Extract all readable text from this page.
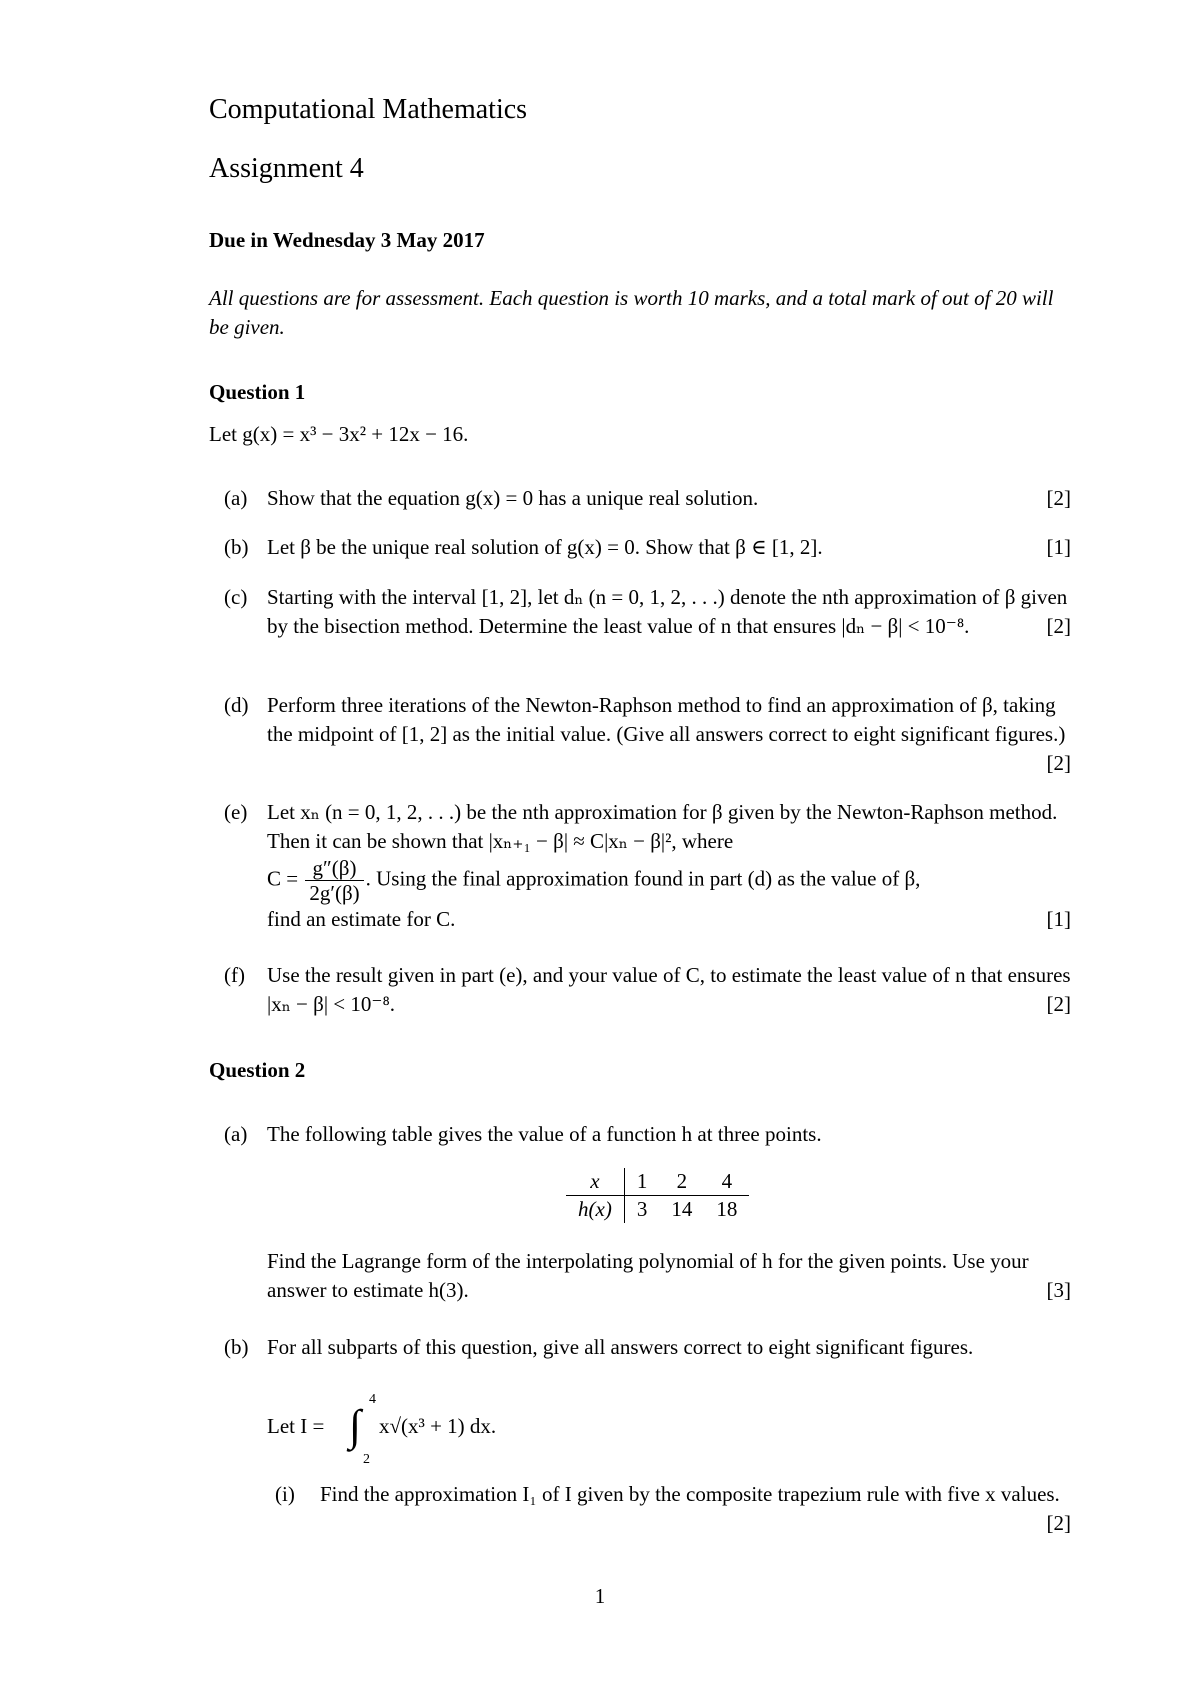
Computational Mathematics
Assignment 4
Due in Wednesday 3 May 2017
All questions are for assessment. Each question is worth 10 marks, and a total mark of out of 20 will be given.
Question 1
Let g(x) = x³ − 3x² + 12x − 16.
(a) Show that the equation g(x) = 0 has a unique real solution.	[2]
(b) Let β be the unique real solution of g(x) = 0. Show that β ∈ [1, 2].	[1]
(c) Starting with the interval [1, 2], let dₙ (n = 0, 1, 2, . . .) denote the nth approximation of β given by the bisection method. Determine the least value of n that ensures |dₙ − β| < 10⁻⁸.	[2]
(d) Perform three iterations of the Newton-Raphson method to find an approximation of β, taking the midpoint of [1, 2] as the initial value. (Give all answers correct to eight significant figures.)
[2]
(e) Let xₙ (n = 0, 1, 2, . . .) be the nth approximation for β given by the Newton-Raphson method. Then it can be shown that |xₙ₊₁ − β| ≈ C|xₙ − β|², where
$C = \frac{g''(\beta)}{2g'(\beta)}$ . Using the final approximation found in part (d) as the value of β,
find an estimate for C.	[1]
(f) Use the result given in part (e), and your value of C, to estimate the least value of n that ensures |xₙ − β| < 10⁻⁸.	[2]
Question 2
(a) The following table gives the value of a function h at three points.
x	1	2	4
h(x)	3	14	18
Find the Lagrange form of the interpolating polynomial of h for the given points. Use your answer to estimate h(3).	[3]
(b) For all subparts of this question, give all answers correct to eight significant figures.
Let I = ∫
4
2
x√(x³ + 1) dx.
(i) Find the approximation I₁ of I given by the composite trapezium rule with five x values.
[2]
1
